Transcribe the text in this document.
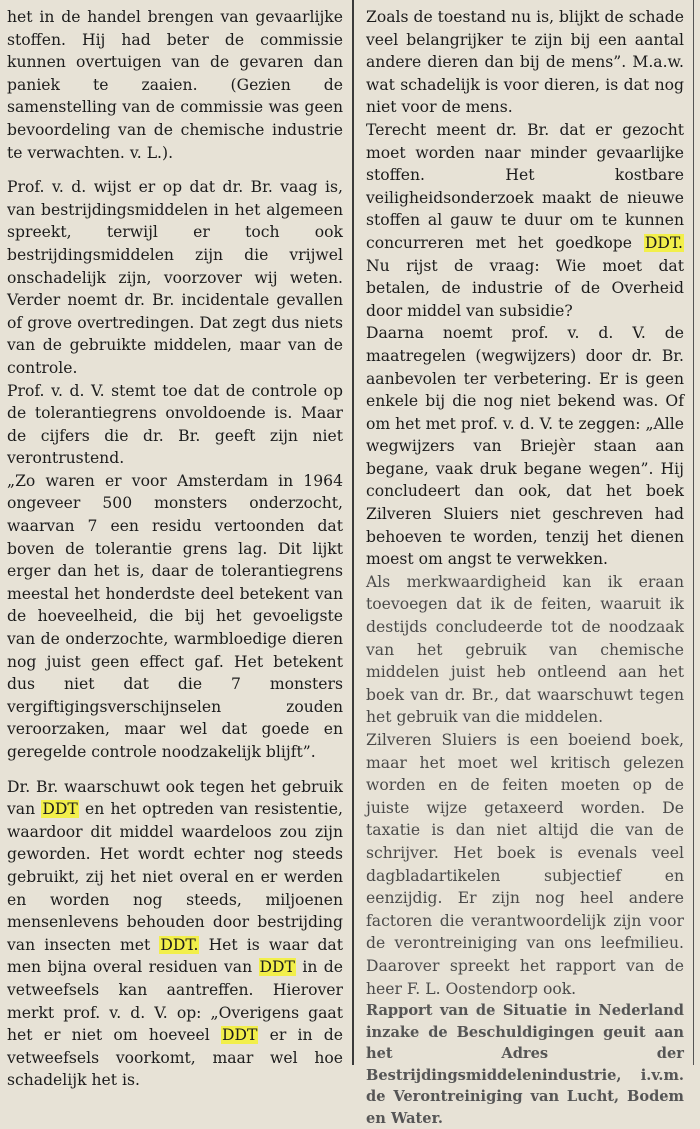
het in de handel brengen van gevaarlijke stoffen. Hij had beter de commissie kunnen overtuigen van de gevaren dan paniek te zaaien. (Gezien de samenstelling van de commissie was geen bevoordeling van de chemische industrie te verwachten. v. L.).

Prof. v. d. wijst er op dat dr. Br. vaag is, van bestrijdingsmiddelen in het algemeen spreekt, terwijl er toch ook bestrijdingsmiddelen zijn die vrijwel onschadelijk zijn, voorzover wij weten. Verder noemt dr. Br. incidentale gevallen of grove overtredingen. Dat zegt dus niets van de gebruikte middelen, maar van de controle.

Prof. v. d. V. stemt toe dat de controle op de tolerantiegrens onvoldoende is. Maar de cijfers die dr. Br. geeft zijn niet verontrustend.

„Zo waren er voor Amsterdam in 1964 ongeveer 500 monsters onderzocht, waarvan 7 een residu vertoonden dat boven de tolerantie grens lag. Dit lijkt erger dan het is, daar de tolerantiegrens meestal het honderdste deel betekent van de hoeveelheid, die bij het gevoeligste van de onderzochte, warmbloedige dieren nog juist geen effect gaf. Het betekent dus niet dat die 7 monsters vergiftigingsverschijnselen zouden veroorzaken, maar wel dat goede en geregelde controle noodzakelijk blijft”.

Dr. Br. waarschuwt ook tegen het gebruik van DDT en het optreden van resistentie, waardoor dit middel waardeloos zou zijn geworden. Het wordt echter nog steeds gebruikt, zij het niet overal en er werden en worden nog steeds, miljoenen mensenlevens behouden door bestrijding van insecten met DDT. Het is waar dat men bijna overal residuen van DDT in de vetweefsels kan aantreffen. Hierover merkt prof. v. d. V. op: „Overigens gaat het er niet om hoeveel DDT er in de vetweefsels voorkomt, maar wel hoe schadelijk het is.

Zoals de toestand nu is, blijkt de schade veel belangrijker te zijn bij een aantal andere dieren dan bij de mens”. M.a.w. wat schadelijk is voor dieren, is dat nog niet voor de mens.

Terecht meent dr. Br. dat er gezocht moet worden naar minder gevaarlijke stoffen. Het kostbare veiligheidsonderzoek maakt de nieuwe stoffen al gauw te duur om te kunnen concurreren met het goedkope DDT. Nu rijst de vraag: Wie moet dat betalen, de industrie of de Overheid door middel van subsidie?

Daarna noemt prof. v. d. V. de maatregelen (wegwijzers) door dr. Br. aanbevolen ter verbetering. Er is geen enkele bij die nog niet bekend was. Of om het met prof. v. d. V. te zeggen: „Alle wegwijzers van Briejèr staan aan begane, vaak druk begane wegen”. Hij concludeert dan ook, dat het boek Zilveren Sluiers niet geschreven had behoeven te worden, tenzij het dienen moest om angst te verwekken.

Als merkwaardigheid kan ik eraan toevoegen dat ik de feiten, waaruit ik destijds concludeerde tot de noodzaak van het gebruik van chemische middelen juist heb ontleend aan het boek van dr. Br., dat waarschuwt tegen het gebruik van die middelen.

Zilveren Sluiers is een boeiend boek, maar het moet wel kritisch gelezen worden en de feiten moeten op de juiste wijze getaxeerd worden. De taxatie is dan niet altijd die van de schrijver. Het boek is evenals veel dagbladartikelen subjectief en eenzijdig. Er zijn nog heel andere factoren die verantwoordelijk zijn voor de verontreiniging van ons leefmilieu. Daarover spreekt het rapport van de heer F. L. Oostendorp ook.

Rapport van de Situatie in Nederland inzake de Beschuldigingen geuit aan het Adres der Bestrijdingsmiddelenindustrie, i.v.m. de Verontreiniging van Lucht, Bodem en Water.
